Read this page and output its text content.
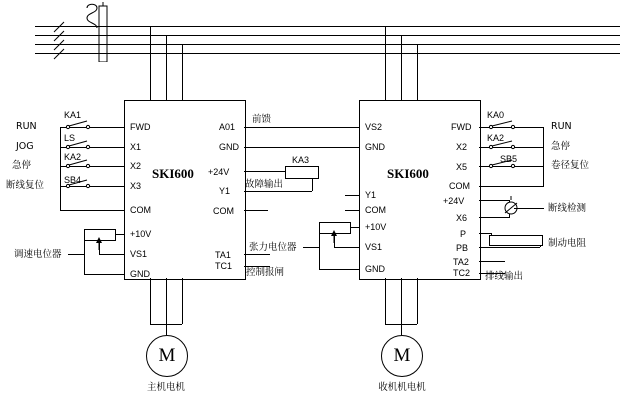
SKI600
FWD
X1
X2
X3
COM
+10V
VS1
GND
A01
GND
+24V
Y1
COM
TA1
TC1
KA1
LS
KA2
SB4
RUN
JOG
急停
断线复位
调速电位器
前馈
KA3
故障输出
控制报闸
SKI600
VS2
GND
Y1
COM
+10V
VS1
GND
FWD
X2
X5
COM
+24V
X6
P
PB
TA2
TC2
张力电位器
KA0
KA2
SB5
RUN
急停
卷径复位
断线检测
制动电阻
排线输出
M
主机电机
M
收机机电机
